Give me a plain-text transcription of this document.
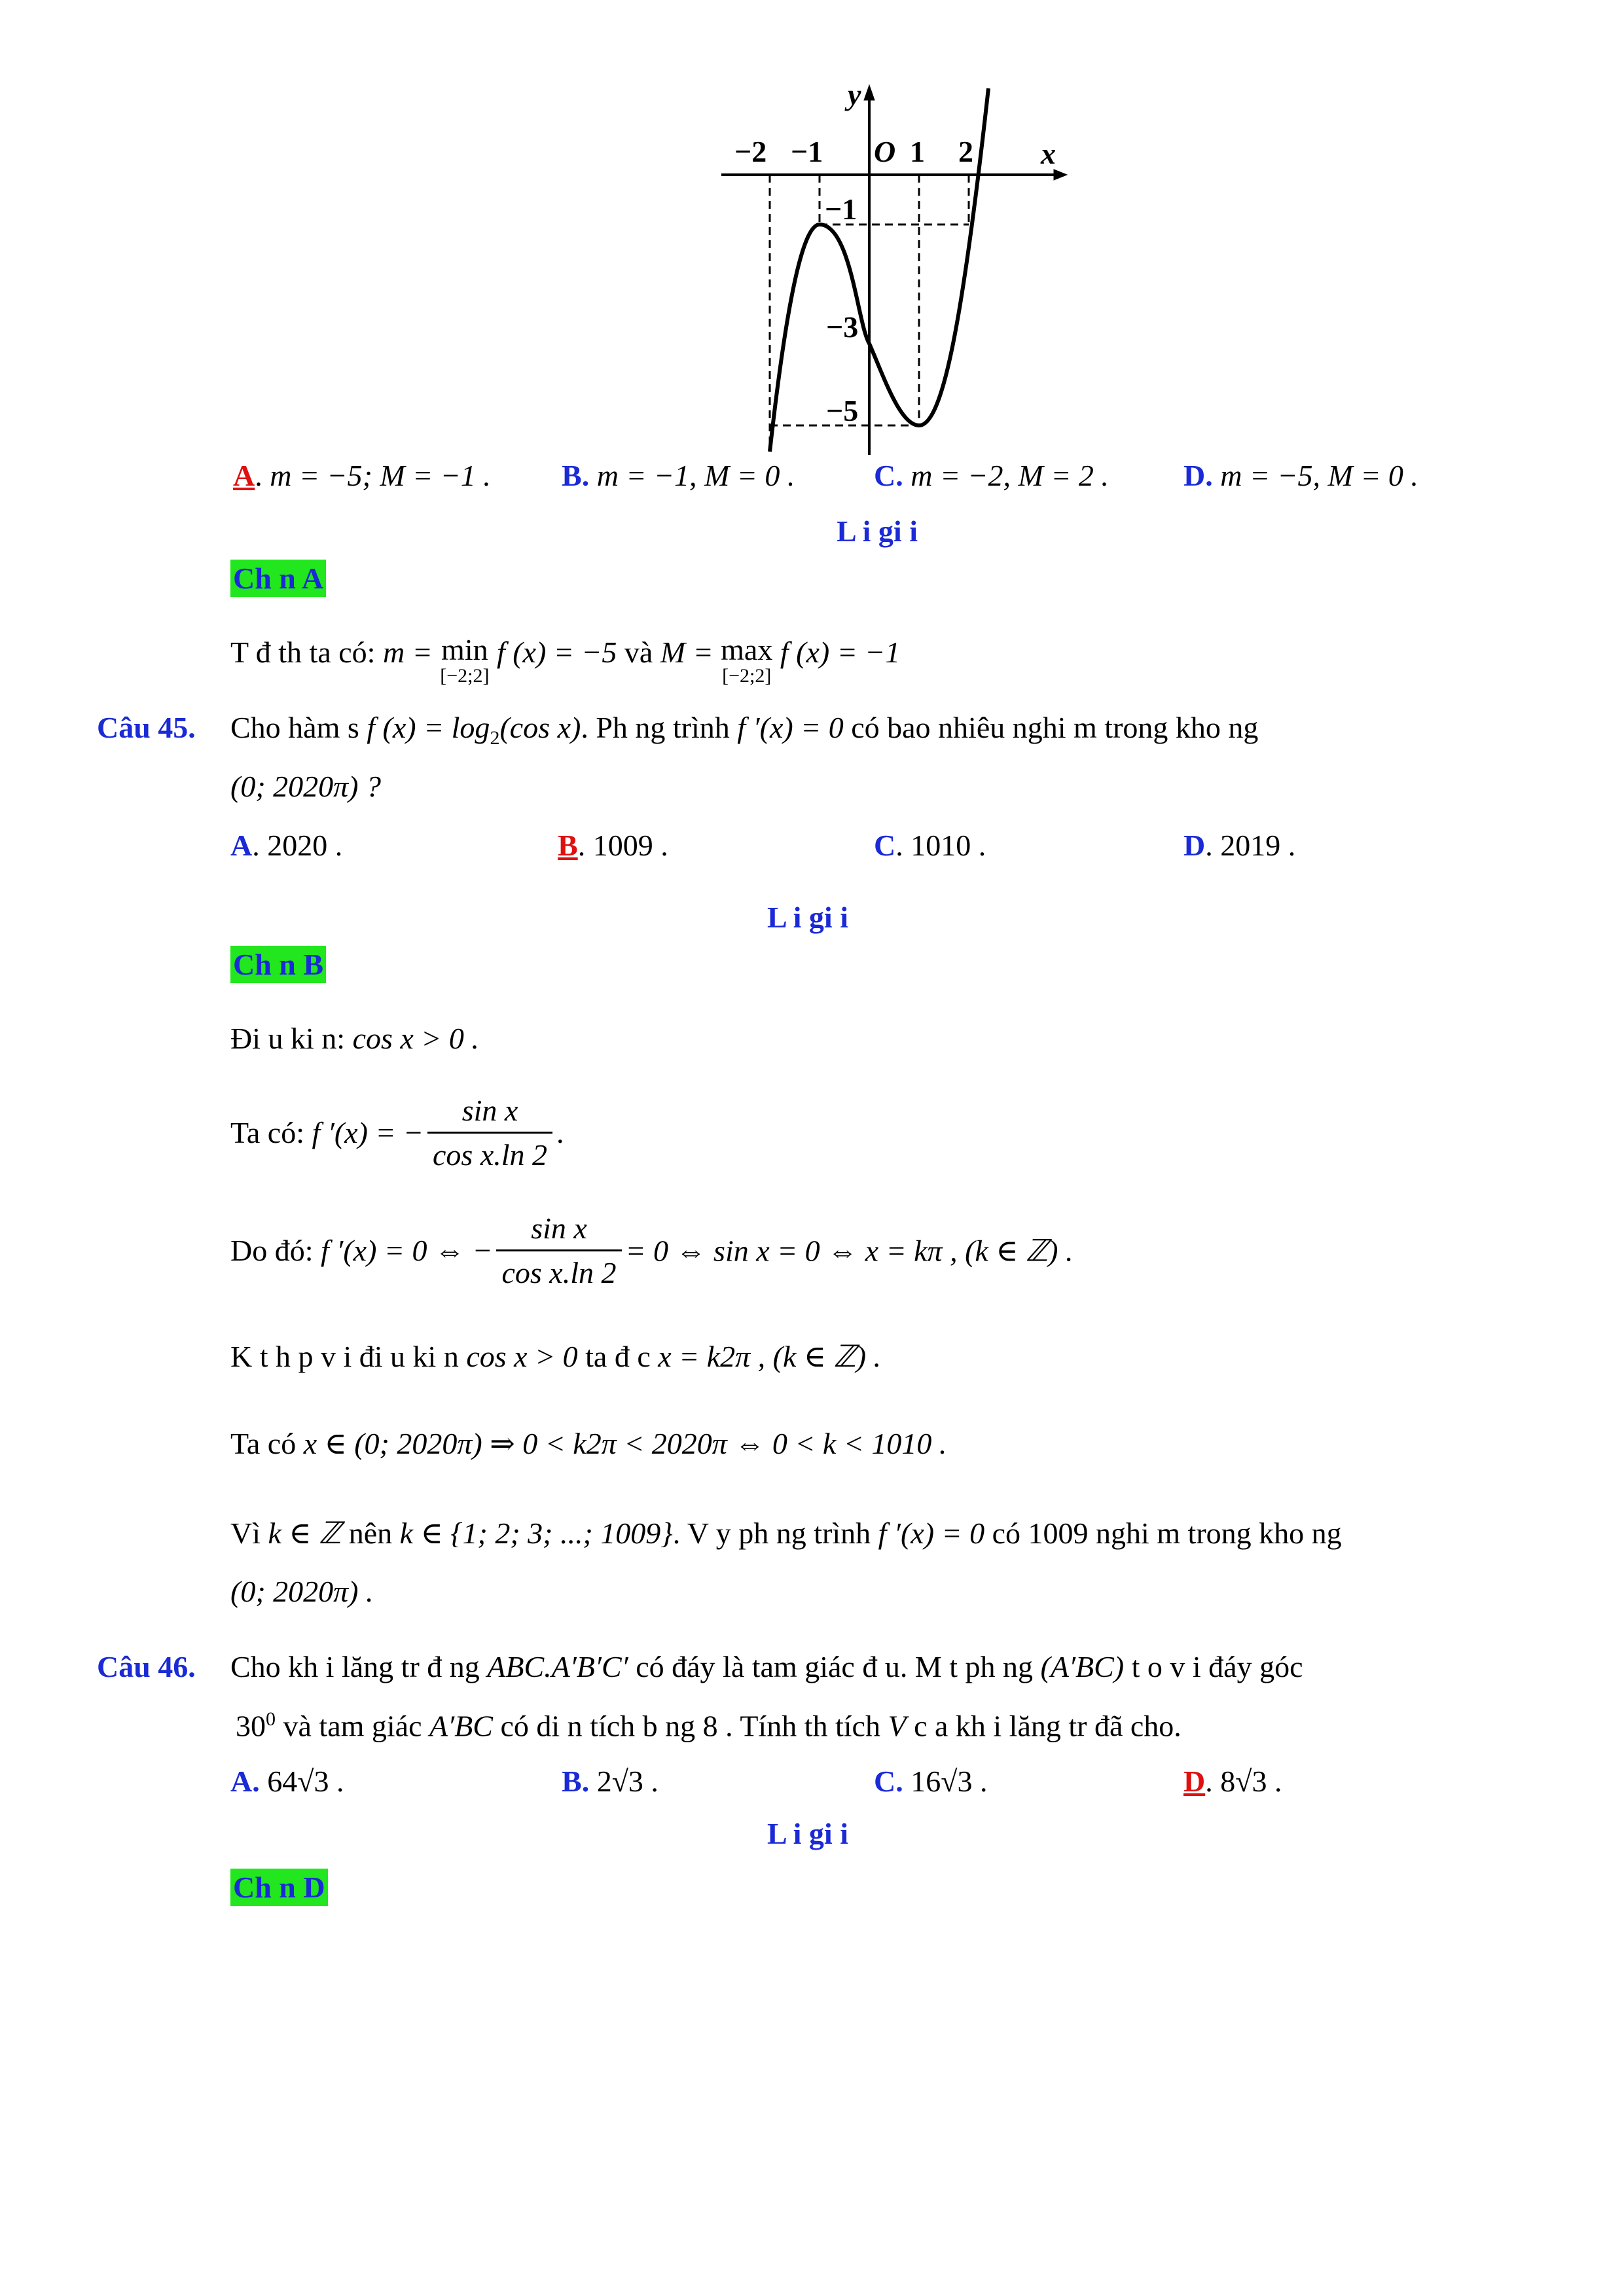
y
x
O
−2 −1	1 2
−1
−3
−5
A. m = −5; M = −1 . B. m = −1, M = 0 .	C. m = −2, M = 2 . D. m = −5, M = 0 .
L i gi i
Ch n A
T đ th ta có: m = min
[−2;2]
f (x) = −5 và M = max
[−2;2]
f (x) = −1
Câu 45. Cho hàm s f $(x) = \log_2(\cos$ x). Ph ng trình f ′(x) = 0 có bao nhiêu nghi m trong kho ng
(0; 2020π) ?
A. 2020 .	B. 1009 .	C. 1010 .	D. 2019 .
L i gi i
Ch n B
Đi u ki n: cos x > 0 .
Ta có: f ′(x) = − $\frac{\text{sin x}}{\text{cos x.ln 2}}$ .
Do đó: f ′(x) = 0 ⇔ − $\frac{\text{sin x}}{\text{cos x.ln 2}} = 0$ ⇔ sin x = 0 ⇔ x = kπ , (k ∈ ℤ) .
K t h p v i đi u ki n cos x > 0 ta đ c x = k2π , (k ∈ ℤ) .
Ta có x ∈ (0; 2020π) ⇒ 0 < k2π < 2020π ⇔ 0 < k < 1010 .
Vì k ∈ ℤ nên k ∈ {1; 2; 3; ...; 1009}. V y ph ng trình f ′(x) = 0 có 1009 nghi m trong kho ng
(0; 2020π) .
Câu 46. Cho kh i lăng tr đ ng ABC.A′B′C′ có đáy là tam giác đ u. M t ph ng (A′BC) t o v i đáy góc
$30^0$ và tam giác A′BC có di n tích b ng 8 . Tính th tích V c a kh i lăng tr đã cho.
A. 64√3 .	B. 2√3 .	C. 16√3 .	D. 8√3 .
L i gi i
Ch n D
